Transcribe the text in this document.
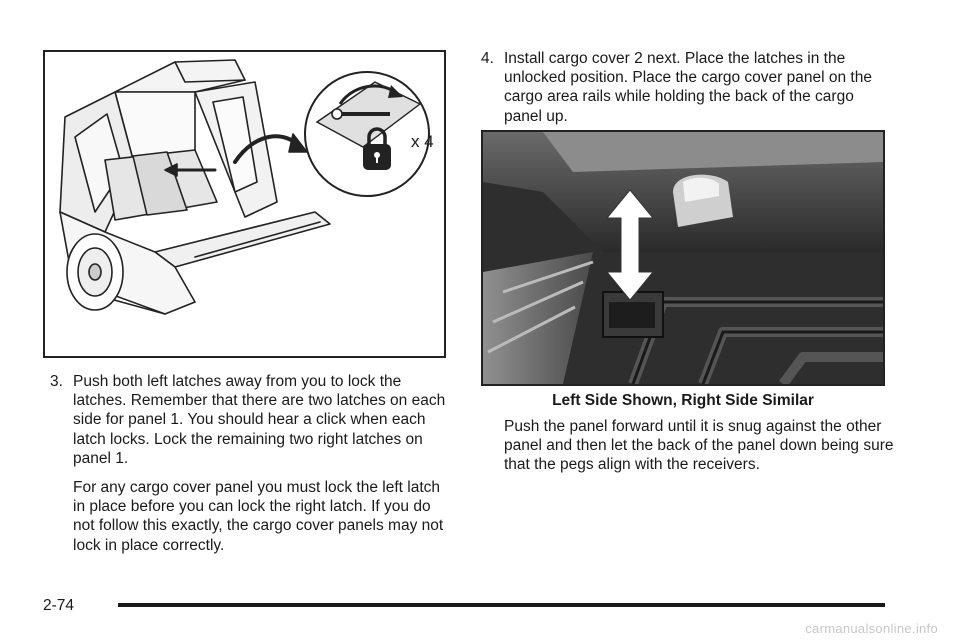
x 4

3. Push both left latches away from you to lock the latches. Remember that there are two latches on each side for panel 1. You should hear a click when each latch locks. Lock the remaining two right latches on panel 1.

For any cargo cover panel you must lock the left latch in place before you can lock the right latch. If you do not follow this exactly, the cargo cover panels may not lock in place correctly.

4. Install cargo cover 2 next. Place the latches in the unlocked position. Place the cargo cover panel on the cargo area rails while holding the back of the cargo panel up.

Left Side Shown, Right Side Similar

Push the panel forward until it is snug against the other panel and then let the back of the panel down being sure that the pegs align with the receivers.

2-74
carmanualsonline.info
